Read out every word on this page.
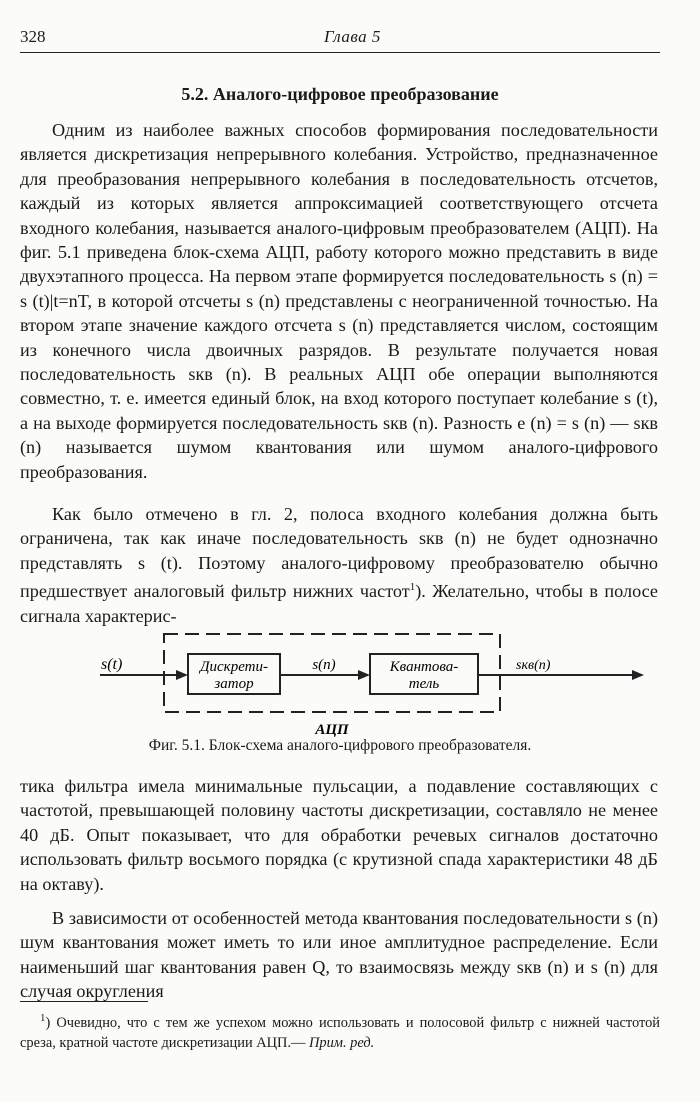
328	Глава 5
5.2. Аналого-цифровое преобразование

Одним из наиболее важных способов формирования последовательности является дискретизация непрерывного колебания. Устройство, предназначенное для преобразования непрерывного колебания в последовательность отсчетов, каждый из которых является аппроксимацией соответствующего отсчета входного колебания, называется аналого-цифровым преобразователем (АЦП). На фиг. 5.1 приведена блок-схема АЦП, работу которого можно представить в виде двухэтапного процесса. На первом этапе формируется последовательность s (n) = s (t)|t=nT, в которой отсчеты s (n) представлены с неограниченной точностью. На втором этапе значение каждого отсчета s (n) представляется числом, состоящим из конечного числа двоичных разрядов. В результате получается новая последовательность sкв (n). В реальных АЦП обе операции выполняются совместно, т. е. имеется единый блок, на вход которого поступает колебание s (t), а на выходе формируется последовательность sкв (n). Разность e (n) = s (n) — sкв (n) называется шумом квантования или шумом аналого-цифрового преобразования.

Как было отмечено в гл. 2, полоса входного колебания должна быть ограничена, так как иначе последовательность sкв (n) не будет однозначно представлять s (t). Поэтому аналого-цифровому преобразователю обычно предшествует аналоговый фильтр нижних частот$^1$). Желательно, чтобы в полосе сигнала характерис-

s(t)	Дискрети-
затор
s(n)	Квантова-
тель
sкв(n)
АЦП
Фиг. 5.1. Блок-схема аналого-цифрового преобразователя.

тика фильтра имела минимальные пульсации, а подавление составляющих с частотой, превышающей половину частоты дискретизации, составляло не менее 40 дБ. Опыт показывает, что для обработки речевых сигналов достаточно использовать фильтр восьмого порядка (с крутизной спада характеристики 48 дБ на октаву).

В зависимости от особенностей метода квантования последовательности s (n) шум квантования может иметь то или иное амплитудное распределение. Если наименьший шаг квантования равен Q, то взаимосвязь между sкв (n) и s (n) для случая округления

$^1$) Очевидно, что с тем же успехом можно использовать и полосовой фильтр с нижней частотой среза, кратной частоте дискретизации АЦП.— Прим. ред.
